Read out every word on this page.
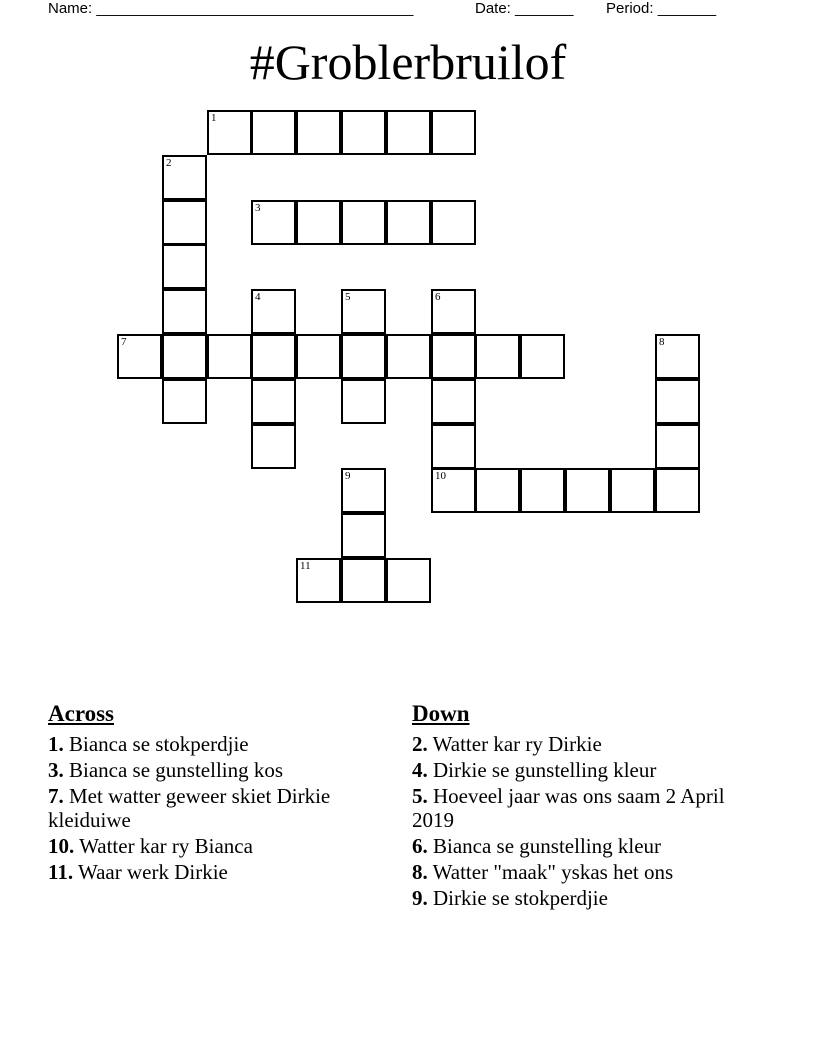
Name: ______________________________________	Date: _______ Period: _______
#Groblerbruilof
1
2
3
4	5	6
7	8
9	10
11
Across
1. Bianca se stokperdjie
3. Bianca se gunstelling kos
7. Met watter geweer skiet Dirkie kleiduiwe
10. Watter kar ry Bianca
11. Waar werk Dirkie
Down
2. Watter kar ry Dirkie
4. Dirkie se gunstelling kleur
5. Hoeveel jaar was ons saam 2 April 2019
6. Bianca se gunstelling kleur
8. Watter "maak" yskas het ons
9. Dirkie se stokperdjie
